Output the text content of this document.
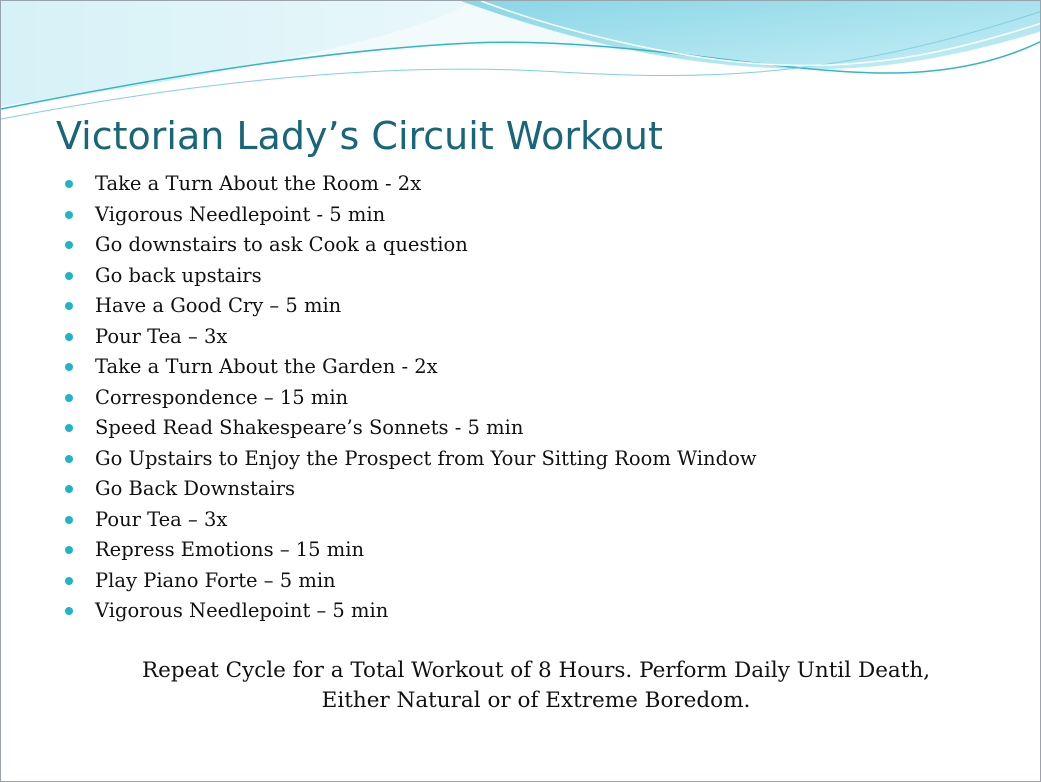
Victorian Lady’s Circuit Workout
Take a Turn About the Room - 2x
Vigorous Needlepoint - 5 min
Go downstairs to ask Cook a question
Go back upstairs
Have a Good Cry – 5 min
Pour Tea – 3x
Take a Turn About the Garden - 2x
Correspondence – 15 min
Speed Read Shakespeare’s Sonnets - 5 min
Go Upstairs to Enjoy the Prospect from Your Sitting Room Window
Go Back Downstairs
Pour Tea – 3x
Repress Emotions – 15 min
Play Piano Forte – 5 min
Vigorous Needlepoint – 5 min
Repeat Cycle for a Total Workout of 8 Hours. Perform Daily Until Death,
Either Natural or of Extreme Boredom.
